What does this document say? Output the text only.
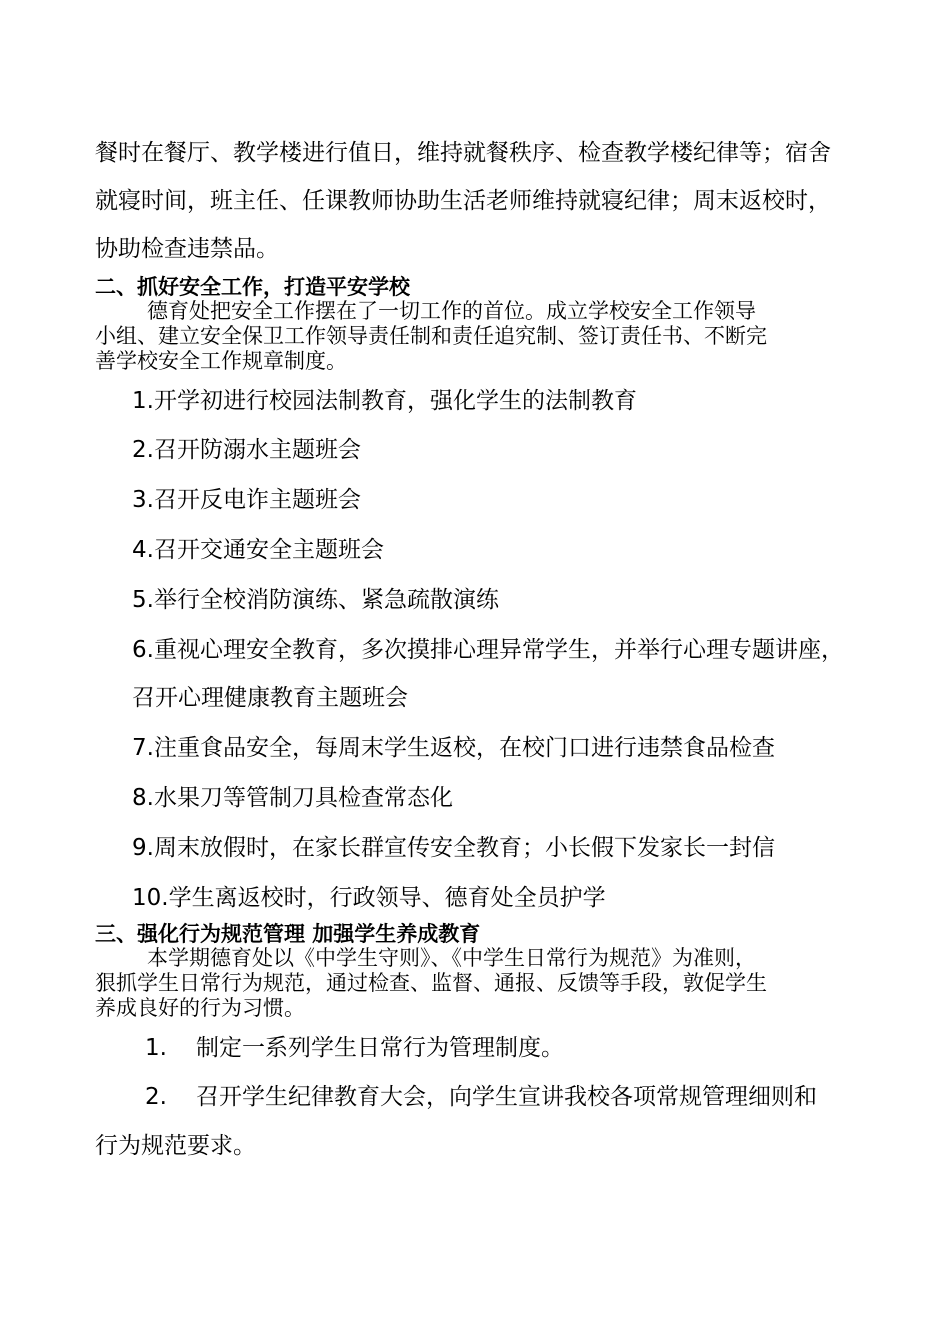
餐时在餐厅、教学楼进行值日，维持就餐秩序、检查教学楼纪律等；宿舍

就寝时间，班主任、任课教师协助生活老师维持就寝纪律；周末返校时，

协助检查违禁品。

二、抓好安全工作，打造平安学校

德育处把安全工作摆在了一切工作的首位。成立学校安全工作领导

小组、建立安全保卫工作领导责任制和责任追究制、签订责任书、不断完

善学校安全工作规章制度。

1.开学初进行校园法制教育，强化学生的法制教育

2.召开防溺水主题班会

3.召开反电诈主题班会

4.召开交通安全主题班会

5.举行全校消防演练、紧急疏散演练

6.重视心理安全教育，多次摸排心理异常学生，并举行心理专题讲座，

召开心理健康教育主题班会

7.注重食品安全，每周末学生返校，在校门口进行违禁食品检查

8.水果刀等管制刀具检查常态化

9.周末放假时，在家长群宣传安全教育；小长假下发家长一封信

10.学生离返校时，行政领导、德育处全员护学

三、强化行为规范管理 加强学生养成教育

本学期德育处以《中学生守则》、《中学生日常行为规范》为准则，

狠抓学生日常行为规范，通过检查、监督、通报、反馈等手段，敦促学生

养成良好的行为习惯。

1. 制定一系列学生日常行为管理制度。

2. 召开学生纪律教育大会，向学生宣讲我校各项常规管理细则和

行为规范要求。
